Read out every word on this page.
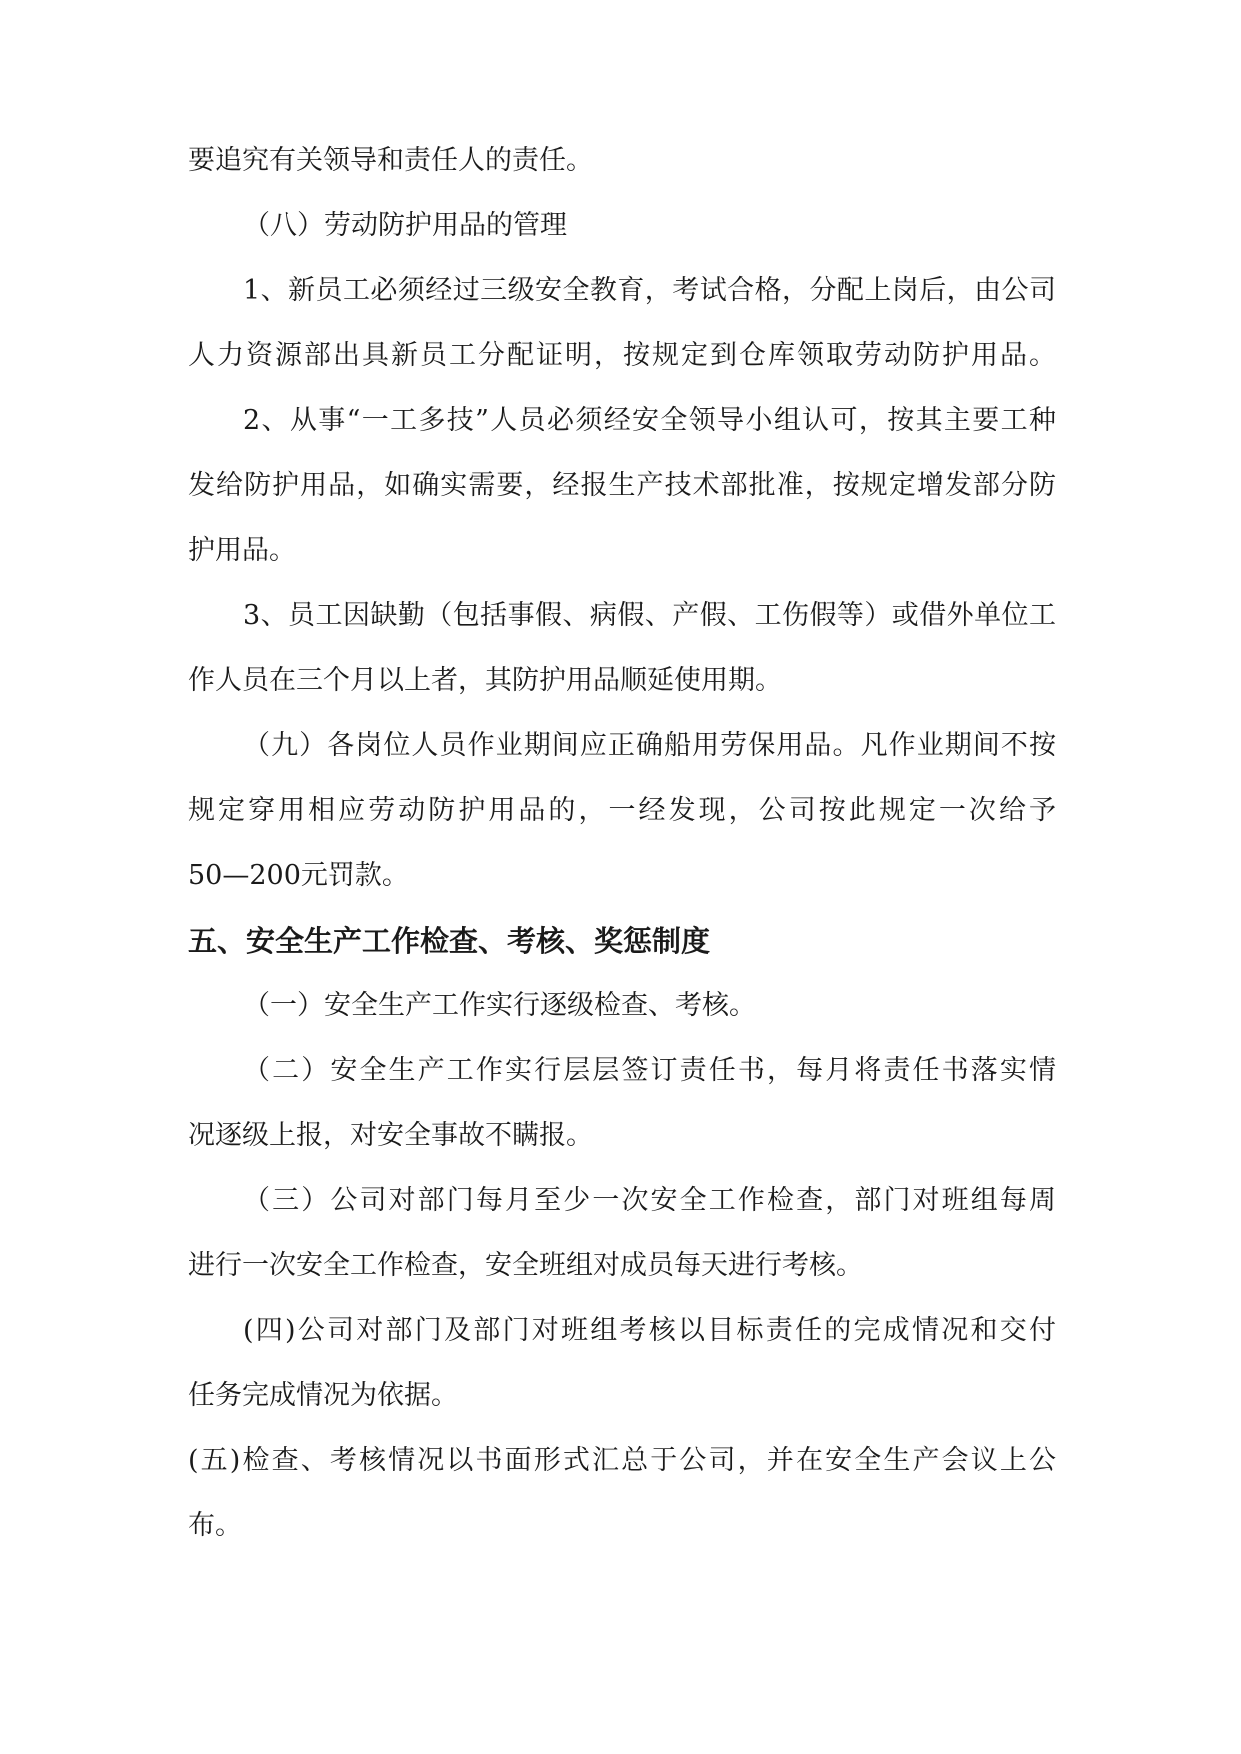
要追究有关领导和责任人的责任。
（八）劳动防护用品的管理
1、新员工必须经过三级安全教育，考试合格，分配上岗后，由公司
人力资源部出具新员工分配证明，按规定到仓库领取劳动防护用品。
2、从事“一工多技”人员必须经安全领导小组认可，按其主要工种
发给防护用品，如确实需要，经报生产技术部批准，按规定增发部分防
护用品。
3、员工因缺勤（包括事假、病假、产假、工伤假等）或借外单位工
作人员在三个月以上者，其防护用品顺延使用期。
（九）各岗位人员作业期间应正确船用劳保用品。凡作业期间不按
规定穿用相应劳动防护用品的，一经发现，公司按此规定一次给予
50—200元罚款。
五、安全生产工作检查、考核、奖惩制度
（一）安全生产工作实行逐级检查、考核。
（二）安全生产工作实行层层签订责任书，每月将责任书落实情
况逐级上报，对安全事故不瞒报。
（三）公司对部门每月至少一次安全工作检查，部门对班组每周
进行一次安全工作检查，安全班组对成员每天进行考核。
(四)公司对部门及部门对班组考核以目标责任的完成情况和交付
任务完成情况为依据。
(五)检查、考核情况以书面形式汇总于公司，并在安全生产会议上公
布。
